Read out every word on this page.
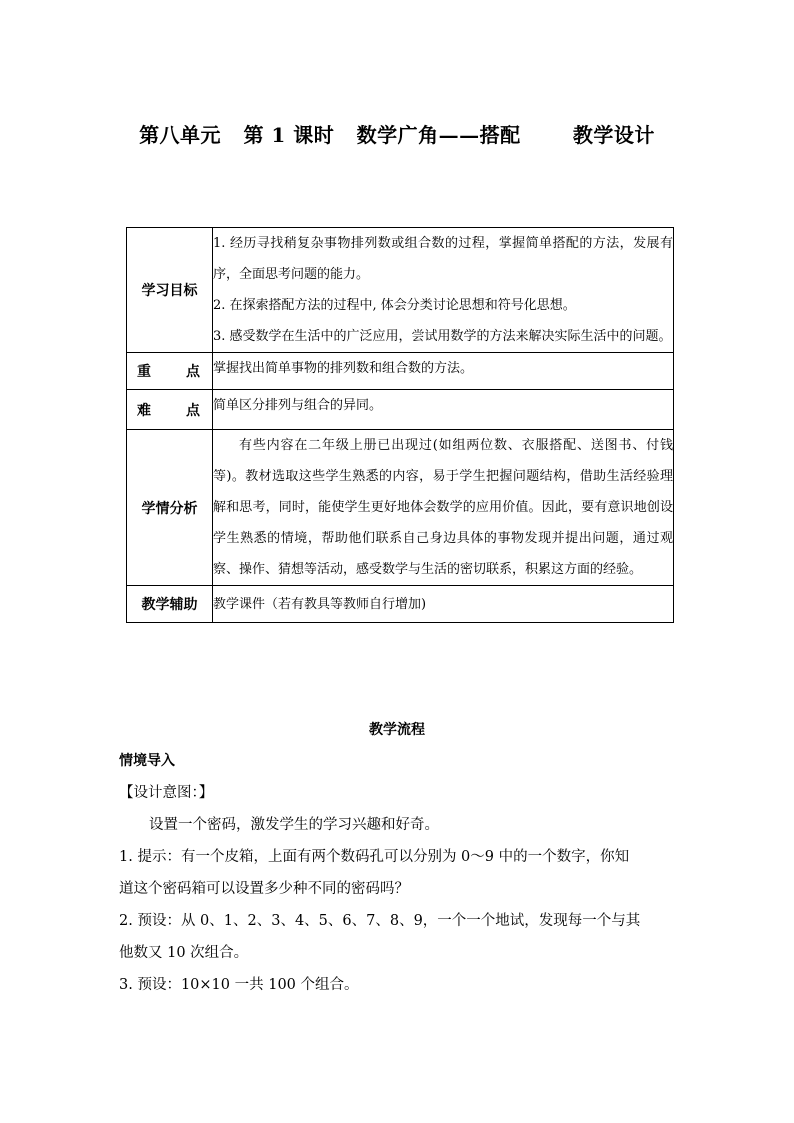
第八单元   第 1 课时   数学广角——搭配       教学设计
学习目标	1. 经历寻找稍复杂事物排列数或组合数的过程，掌握简单搭配的方法，发展有序，全面思考问题的能力。
2. 在探索搭配方法的过程中, 体会分类讨论思想和符号化思想。
3. 感受数学在生活中的广泛应用，尝试用数学的方法来解决实际生活中的问题。

重 点	掌握找出简单事物的排列数和组合数的方法。

难 点	简单区分排列与组合的异同。

学情分析	有些内容在二年级上册已出现过(如组两位数、衣服搭配、送图书、付钱等)。教材选取这些学生熟悉的内容，易于学生把握问题结构，借助生活经验理解和思考，同时，能使学生更好地体会数学的应用价值。因此，要有意识地创设学生熟悉的情境，帮助他们联系自己身边具体的事物发现并提出问题，通过观察、操作、猜想等活动，感受数学与生活的密切联系，积累这方面的经验。

教学辅助	教学课件（若有教具等教师自行增加)
教学流程
情境导入
【设计意图：】
设置一个密码，激发学生的学习兴趣和好奇。
1. 提示：有一个皮箱，上面有两个数码孔可以分别为 0～9 中的一个数字，你知
道这个密码箱可以设置多少种不同的密码吗？
2. 预设：从 0、1、2、3、4、5、6、7、8、9，一个一个地试，发现每一个与其
他数又 10 次组合。
3. 预设：10×10 一共 100 个组合。
